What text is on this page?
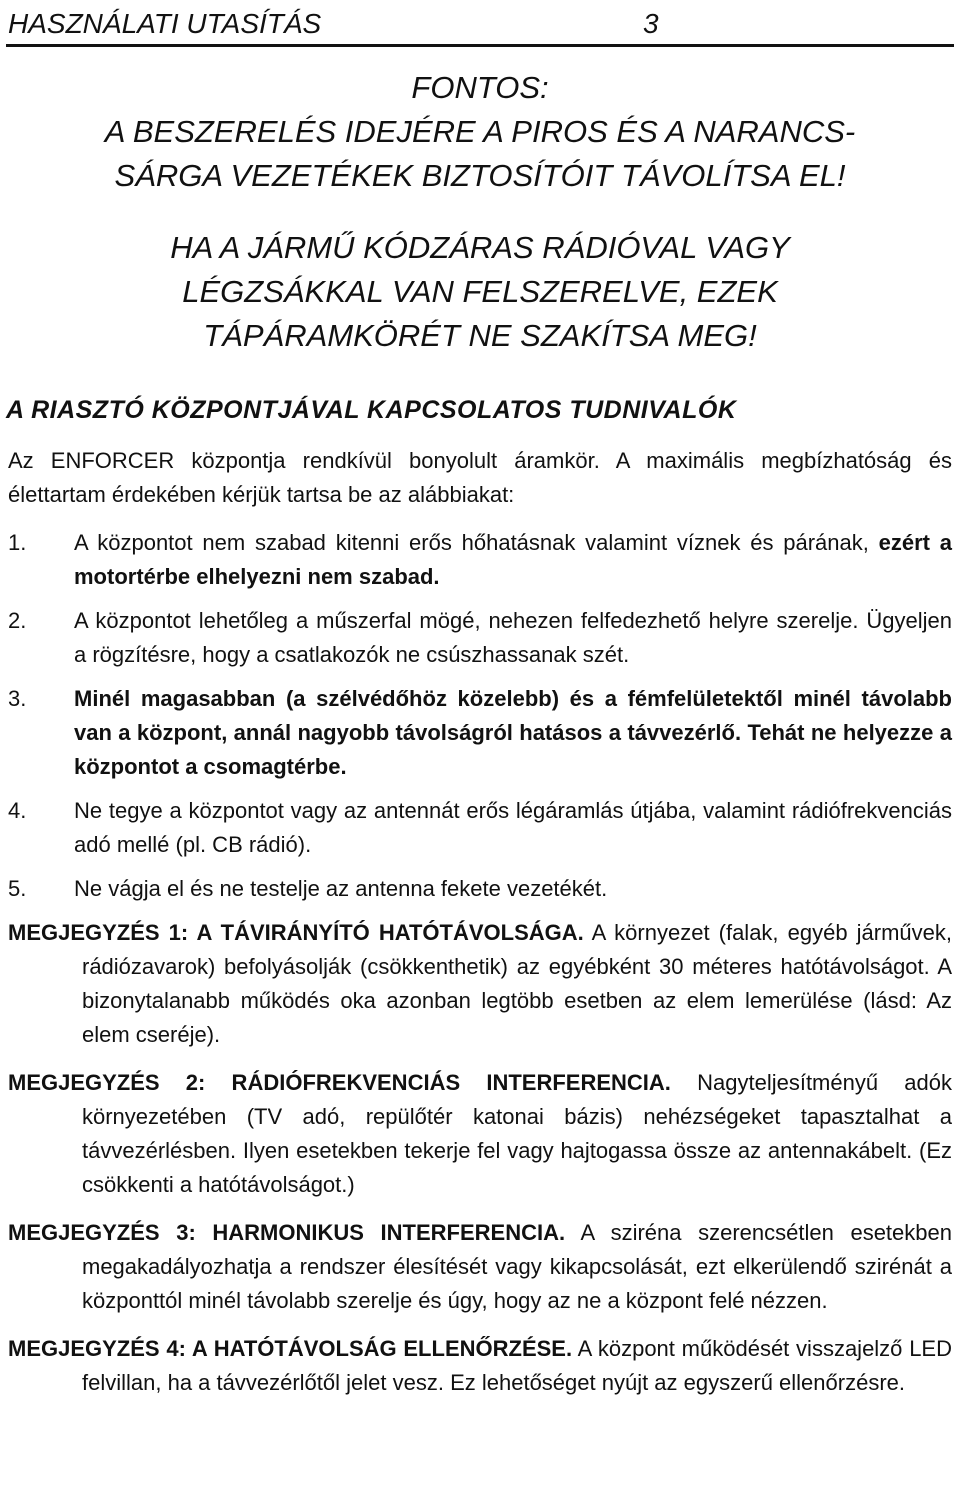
HASZNÁLATI UTASÍTÁS	3
FONTOS:
A BESZERELÉS IDEJÉRE A PIROS ÉS A NARANCS-
SÁRGA VEZETÉKEK BIZTOSÍTÓIT TÁVOLÍTSA EL!
HA A JÁRMŰ KÓDZÁRAS RÁDIÓVAL VAGY
LÉGZSÁKKAL VAN FELSZERELVE, EZEK
TÁPÁRAMKÖRÉT NE SZAKÍTSA MEG!
A RIASZTÓ KÖZPONTJÁVAL KAPCSOLATOS TUDNIVALÓK
Az ENFORCER központja rendkívül bonyolult áramkör. A maximális megbízhatóság és élettartam érdekében kérjük tartsa be az alábbiakat:
1.	A központot nem szabad kitenni erős hőhatásnak valamint víznek és párának, ezért a motortérbe elhelyezni nem szabad.
2.	A központot lehetőleg a műszerfal mögé, nehezen felfedezhető helyre szerelje. Ügyeljen a rögzítésre, hogy a csatlakozók ne csúszhassanak szét.
3.	Minél magasabban (a szélvédőhöz közelebb) és a fémfelületektől minél távolabb van a központ, annál nagyobb távolságról hatásos a távvezérlő. Tehát ne helyezze a központot a csomagtérbe.
4.	Ne tegye a központot vagy az antennát erős légáramlás útjába, valamint rádiófrekvenciás adó mellé (pl. CB rádió).
5.	Ne vágja el és ne testelje az antenna fekete vezetékét.
MEGJEGYZÉS 1: A TÁVIRÁNYÍTÓ HATÓTÁVOLSÁGA. A környezet (falak, egyéb járművek, rádiózavarok) befolyásolják (csökkenthetik) az egyébként 30 méteres hatótávolságot. A bizonytalanabb működés oka azonban legtöbb esetben az elem lemerülése (lásd: Az elem cseréje).
MEGJEGYZÉS 2: RÁDIÓFREKVENCIÁS INTERFERENCIA. Nagyteljesítményű adók környezetében (TV adó, repülőtér katonai bázis) nehézségeket tapasztalhat a távvezérlésben. Ilyen esetekben tekerje fel vagy hajtogassa össze az antennakábelt. (Ez csökkenti a hatótávolságot.)
MEGJEGYZÉS 3: HARMONIKUS INTERFERENCIA. A sziréna szerencsétlen esetekben megakadályozhatja a rendszer élesítését vagy kikapcsolását, ezt elkerülendő szirénát a központtól minél távolabb szerelje és úgy, hogy az ne a központ felé nézzen.
MEGJEGYZÉS 4: A HATÓTÁVOLSÁG ELLENŐRZÉSE. A központ működését visszajelző LED felvillan, ha a távvezérlőtől jelet vesz. Ez lehetőséget nyújt az egyszerű ellenőrzésre.
